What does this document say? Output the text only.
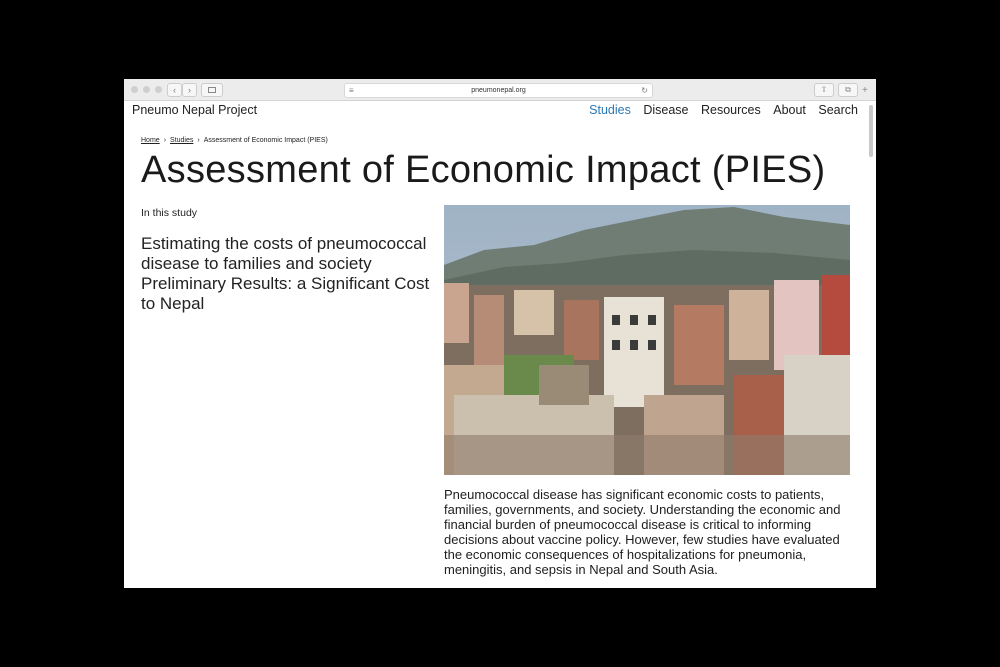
‹	›	≡	pneumonepal.org	↻	⇧	⧉	+
Pneumo Nepal Project	Studies Disease Resources About Search
Home › Studies › Assessment of Economic Impact (PIES)
Assessment of Economic Impact (PIES)
In this study
Estimating the costs of pneumococcal disease to families and society
Preliminary Results: a Significant Cost to Nepal
Pneumococcal disease has significant economic costs to patients, families, governments, and society. Understanding the economic and financial burden of pneumococcal disease is critical to informing decisions about vaccine policy. However, few studies have evaluated the economic consequences of hospitalizations for pneumonia, meningitis, and sepsis in Nepal and South Asia.
